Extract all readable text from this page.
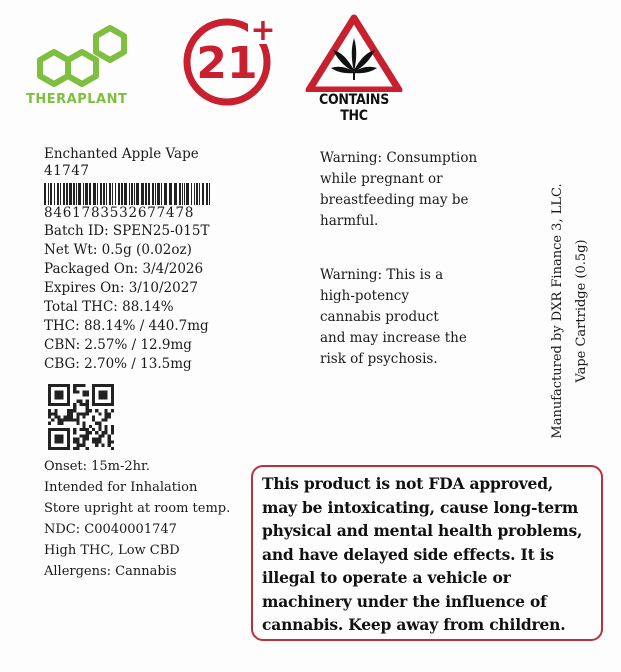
THERAPLANT
21
+
CONTAINS THC
Enchanted Apple Vape
41747
8461783532677478
Batch ID: SPEN25-015T
Net Wt: 0.5g (0.02oz)
Packaged On: 3/4/2026
Expires On: 3/10/2027
Total THC: 88.14%
THC: 88.14% / 440.7mg
CBN: 2.57% / 12.9mg
CBG: 2.70% / 13.5mg
Onset: 15m-2hr.
Intended for Inhalation
Store upright at room temp.
NDC: C0040001747
High THC, Low CBD
Allergens: Cannabis
Warning: Consumption
while pregnant or
breastfeeding may be
harmful.
Warning: This is a
high-potency
cannabis product
and may increase the
risk of psychosis.	Manufactured by DXR Finance 3, LLC. Vape Cartridge (0.5g)
This product is not FDA approved,
may be intoxicating, cause long-term
physical and mental health problems,
and have delayed side effects. It is
illegal to operate a vehicle or
machinery under the influence of
cannabis. Keep away from children.
